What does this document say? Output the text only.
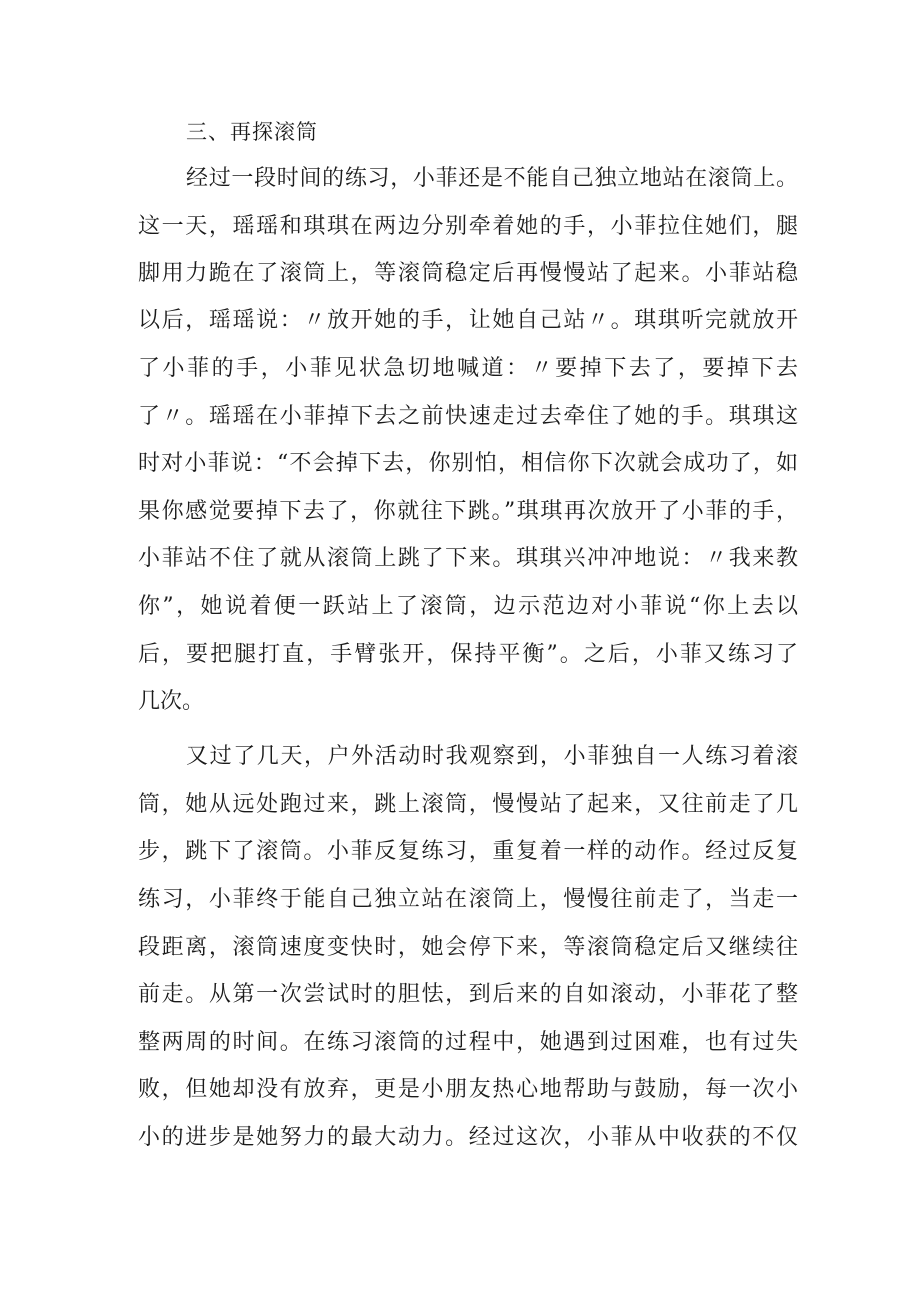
三、再探滚筒
经过一段时间的练习，小菲还是不能自己独立地站在滚筒上。
这一天，瑶瑶和琪琪在两边分别牵着她的手，小菲拉住她们，腿
脚用力跪在了滚筒上，等滚筒稳定后再慢慢站了起来。小菲站稳
以后，瑶瑶说：〃放开她的手，让她自己站〃。琪琪听完就放开
了小菲的手，小菲见状急切地喊道：〃要掉下去了，要掉下去
了〃。瑶瑶在小菲掉下去之前快速走过去牵住了她的手。琪琪这
时对小菲说：“不会掉下去，你别怕，相信你下次就会成功了，如
果你感觉要掉下去了，你就往下跳。”琪琪再次放开了小菲的手，
小菲站不住了就从滚筒上跳了下来。琪琪兴冲冲地说：〃我来教
你”，她说着便一跃站上了滚筒，边示范边对小菲说“你上去以
后，要把腿打直，手臂张开，保持平衡”。之后，小菲又练习了
几次。
又过了几天，户外活动时我观察到，小菲独自一人练习着滚
筒，她从远处跑过来，跳上滚筒，慢慢站了起来，又往前走了几
步，跳下了滚筒。小菲反复练习，重复着一样的动作。经过反复
练习，小菲终于能自己独立站在滚筒上，慢慢往前走了，当走一
段距离，滚筒速度变快时，她会停下来，等滚筒稳定后又继续往
前走。从第一次尝试时的胆怯，到后来的自如滚动，小菲花了整
整两周的时间。在练习滚筒的过程中，她遇到过困难，也有过失
败，但她却没有放弃，更是小朋友热心地帮助与鼓励，每一次小
小的进步是她努力的最大动力。经过这次，小菲从中收获的不仅
